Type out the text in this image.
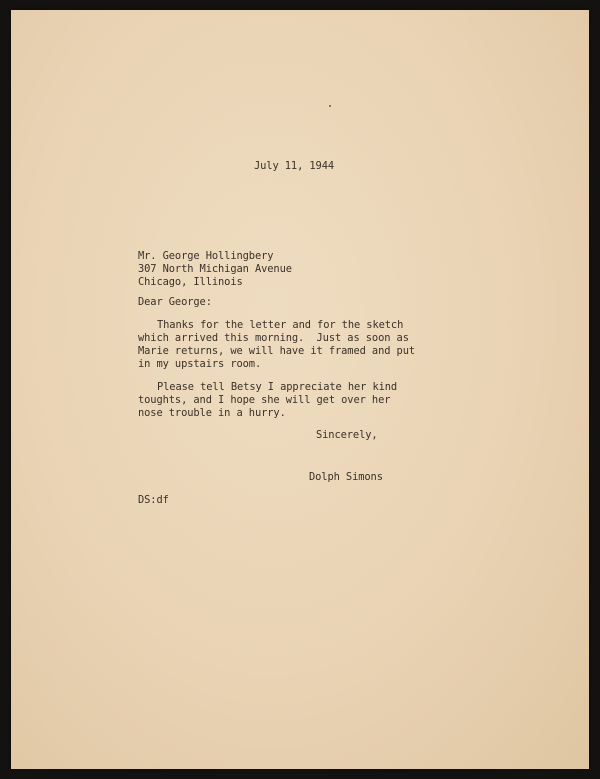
July 11, 1944

Mr. George Hollingbery

307 North Michigan Avenue

Chicago, Illinois

Dear George:

Thanks for the letter and for the sketch

which arrived this morning.  Just as soon as

Marie returns, we will have it framed and put

in my upstairs room.

Please tell Betsy I appreciate her kind

toughts, and I hope she will get over her

nose trouble in a hurry.

Sincerely,

Dolph Simons

DS:df
